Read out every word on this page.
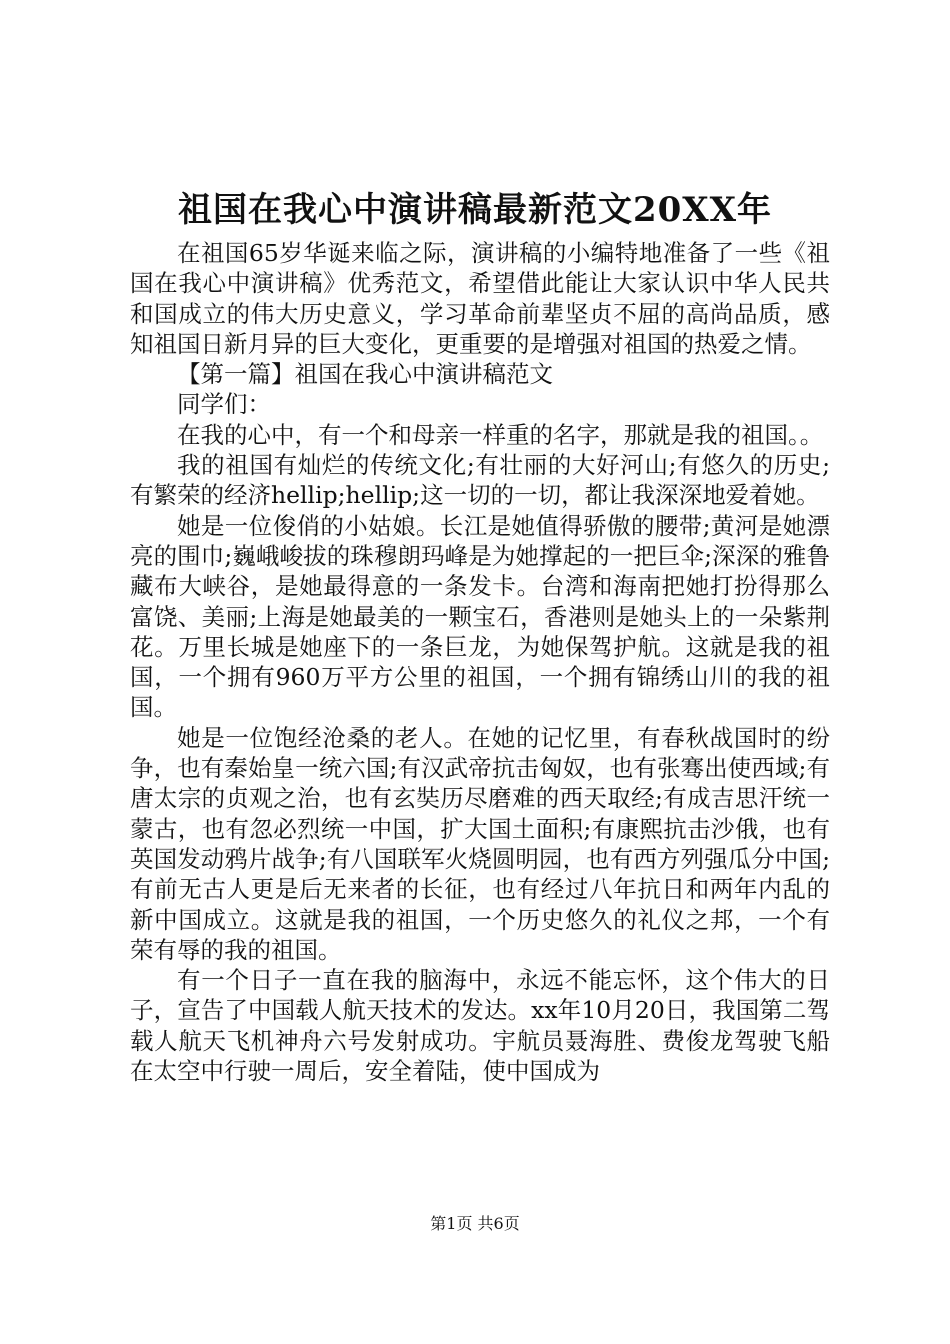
祖国在我心中演讲稿最新范文20XX年

在祖国65岁华诞来临之际，演讲稿的小编特地准备了一些《祖国在我心中演讲稿》优秀范文，希望借此能让大家认识中华人民共和国成立的伟大历史意义，学习革命前辈坚贞不屈的高尚品质，感知祖国日新月异的巨大变化，更重要的是增强对祖国的热爱之情。

【第一篇】祖国在我心中演讲稿范文

同学们：

在我的心中，有一个和母亲一样重的名字，那就是我的祖国。。

我的祖国有灿烂的传统文化;有壮丽的大好河山;有悠久的历史;有繁荣的经济hellip;hellip;这一切的一切，都让我深深地爱着她。

她是一位俊俏的小姑娘。长江是她值得骄傲的腰带;黄河是她漂亮的围巾;巍峨峻拔的珠穆朗玛峰是为她撑起的一把巨伞;深深的雅鲁藏布大峡谷，是她最得意的一条发卡。台湾和海南把她打扮得那么富饶、美丽;上海是她最美的一颗宝石，香港则是她头上的一朵紫荆花。万里长城是她座下的一条巨龙，为她保驾护航。这就是我的祖国，一个拥有960万平方公里的祖国，一个拥有锦绣山川的我的祖国。

她是一位饱经沧桑的老人。在她的记忆里，有春秋战国时的纷争，也有秦始皇一统六国;有汉武帝抗击匈奴，也有张骞出使西域;有唐太宗的贞观之治，也有玄奘历尽磨难的西天取经;有成吉思汗统一蒙古，也有忽必烈统一中国，扩大国土面积;有康熙抗击沙俄，也有英国发动鸦片战争;有八国联军火烧圆明园，也有西方列强瓜分中国;有前无古人更是后无来者的长征，也有经过八年抗日和两年内乱的新中国成立。这就是我的祖国，一个历史悠久的礼仪之邦，一个有荣有辱的我的祖国。

有一个日子一直在我的脑海中，永远不能忘怀，这个伟大的日子，宣告了中国载人航天技术的发达。xx年10月20日，我国第二驾载人航天飞机神舟六号发射成功。宇航员聂海胜、费俊龙驾驶飞船在太空中行驶一周后，安全着陆，使中国成为

第1页 共6页
